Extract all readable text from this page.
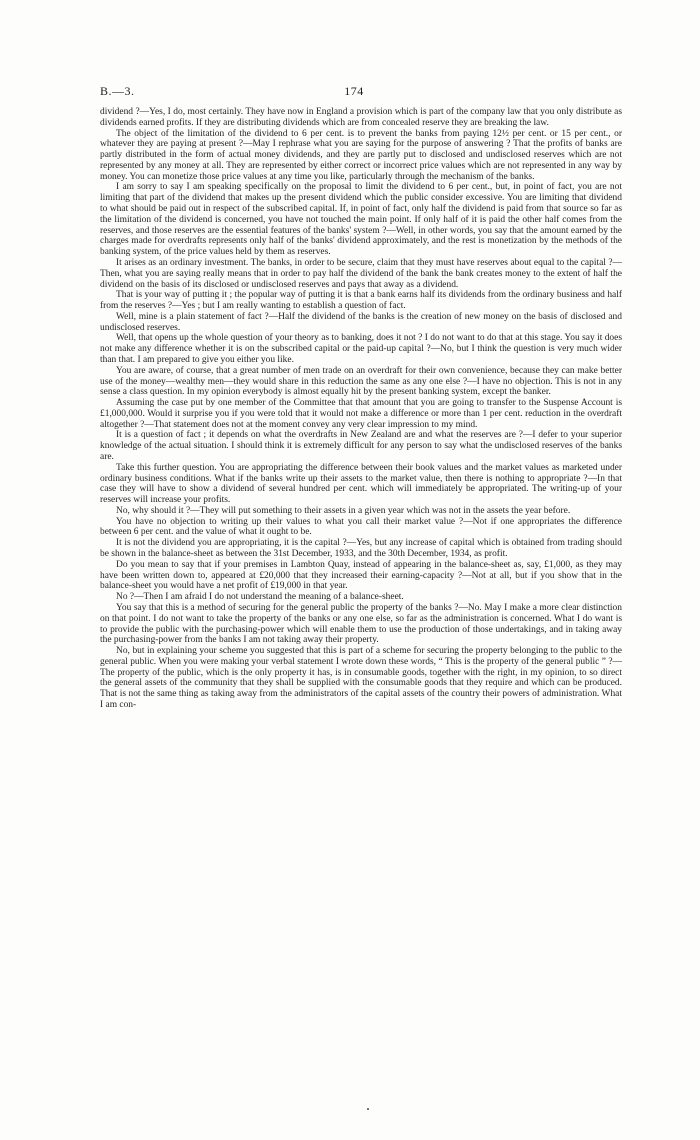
B.—3.	174

dividend ?—Yes, I do, most certainly. They have now in England a provision which is part of the company law that you only distribute as dividends earned profits. If they are distributing dividends which are from concealed reserve they are breaking the law.

The object of the limitation of the dividend to 6 per cent. is to prevent the banks from paying 12½ per cent. or 15 per cent., or whatever they are paying at present ?—May I rephrase what you are saying for the purpose of answering ? That the profits of banks are partly distributed in the form of actual money dividends, and they are partly put to disclosed and undisclosed reserves which are not represented by any money at all. They are represented by either correct or incorrect price values which are not represented in any way by money. You can monetize those price values at any time you like, particularly through the mechanism of the banks.

I am sorry to say I am speaking specifically on the proposal to limit the dividend to 6 per cent., but, in point of fact, you are not limiting that part of the dividend that makes up the present dividend which the public consider excessive. You are limiting that dividend to what should be paid out in respect of the subscribed capital. If, in point of fact, only half the dividend is paid from that source so far as the limitation of the dividend is concerned, you have not touched the main point. If only half of it is paid the other half comes from the reserves, and those reserves are the essential features of the banks' system ?—Well, in other words, you say that the amount earned by the charges made for overdrafts represents only half of the banks' dividend approximately, and the rest is monetization by the methods of the banking system, of the price values held by them as reserves.

It arises as an ordinary investment. The banks, in order to be secure, claim that they must have reserves about equal to the capital ?—Then, what you are saying really means that in order to pay half the dividend of the bank the bank creates money to the extent of half the dividend on the basis of its disclosed or undisclosed reserves and pays that away as a dividend.

That is your way of putting it ; the popular way of putting it is that a bank earns half its dividends from the ordinary business and half from the reserves ?—Yes ; but I am really wanting to establish a question of fact.

Well, mine is a plain statement of fact ?—Half the dividend of the banks is the creation of new money on the basis of disclosed and undisclosed reserves.

Well, that opens up the whole question of your theory as to banking, does it not ? I do not want to do that at this stage. You say it does not make any difference whether it is on the subscribed capital or the paid-up capital ?—No, but I think the question is very much wider than that. I am prepared to give you either you like.

You are aware, of course, that a great number of men trade on an overdraft for their own convenience, because they can make better use of the money—wealthy men—they would share in this reduction the same as any one else ?—I have no objection. This is not in any sense a class question. In my opinion everybody is almost equally hit by the present banking system, except the banker.

Assuming the case put by one member of the Committee that that amount that you are going to transfer to the Suspense Account is £1,000,000. Would it surprise you if you were told that it would not make a difference or more than 1 per cent. reduction in the overdraft altogether ?—That statement does not at the moment convey any very clear impression to my mind.

It is a question of fact ; it depends on what the overdrafts in New Zealand are and what the reserves are ?—I defer to your superior knowledge of the actual situation. I should think it is extremely difficult for any person to say what the undisclosed reserves of the banks are.

Take this further question. You are appropriating the difference between their book values and the market values as marketed under ordinary business conditions. What if the banks write up their assets to the market value, then there is nothing to appropriate ?—In that case they will have to show a dividend of several hundred per cent. which will immediately be appropriated. The writing-up of your reserves will increase your profits.

No, why should it ?—They will put something to their assets in a given year which was not in the assets the year before.

You have no objection to writing up their values to what you call their market value ?—Not if one appropriates the difference between 6 per cent. and the value of what it ought to be.

It is not the dividend you are appropriating, it is the capital ?—Yes, but any increase of capital which is obtained from trading should be shown in the balance-sheet as between the 31st December, 1933, and the 30th December, 1934, as profit.

Do you mean to say that if your premises in Lambton Quay, instead of appearing in the balance-sheet as, say, £1,000, as they may have been written down to, appeared at £20,000 that they increased their earning-capacity ?—Not at all, but if you show that in the balance-sheet you would have a net profit of £19,000 in that year.

No ?—Then I am afraid I do not understand the meaning of a balance-sheet.

You say that this is a method of securing for the general public the property of the banks ?—No. May I make a more clear distinction on that point. I do not want to take the property of the banks or any one else, so far as the administration is concerned. What I do want is to provide the public with the purchasing-power which will enable them to use the production of those undertakings, and in taking away the purchasing-power from the banks I am not taking away their property.

No, but in explaining your scheme you suggested that this is part of a scheme for securing the property belonging to the public to the general public. When you were making your verbal statement I wrote down these words, “ This is the property of the general public ” ?—The property of the public, which is the only property it has, is in consumable goods, together with the right, in my opinion, to so direct the general assets of the community that they shall be supplied with the consumable goods that they require and which can be produced. That is not the same thing as taking away from the administrators of the capital assets of the country their powers of administration. What I am con-
